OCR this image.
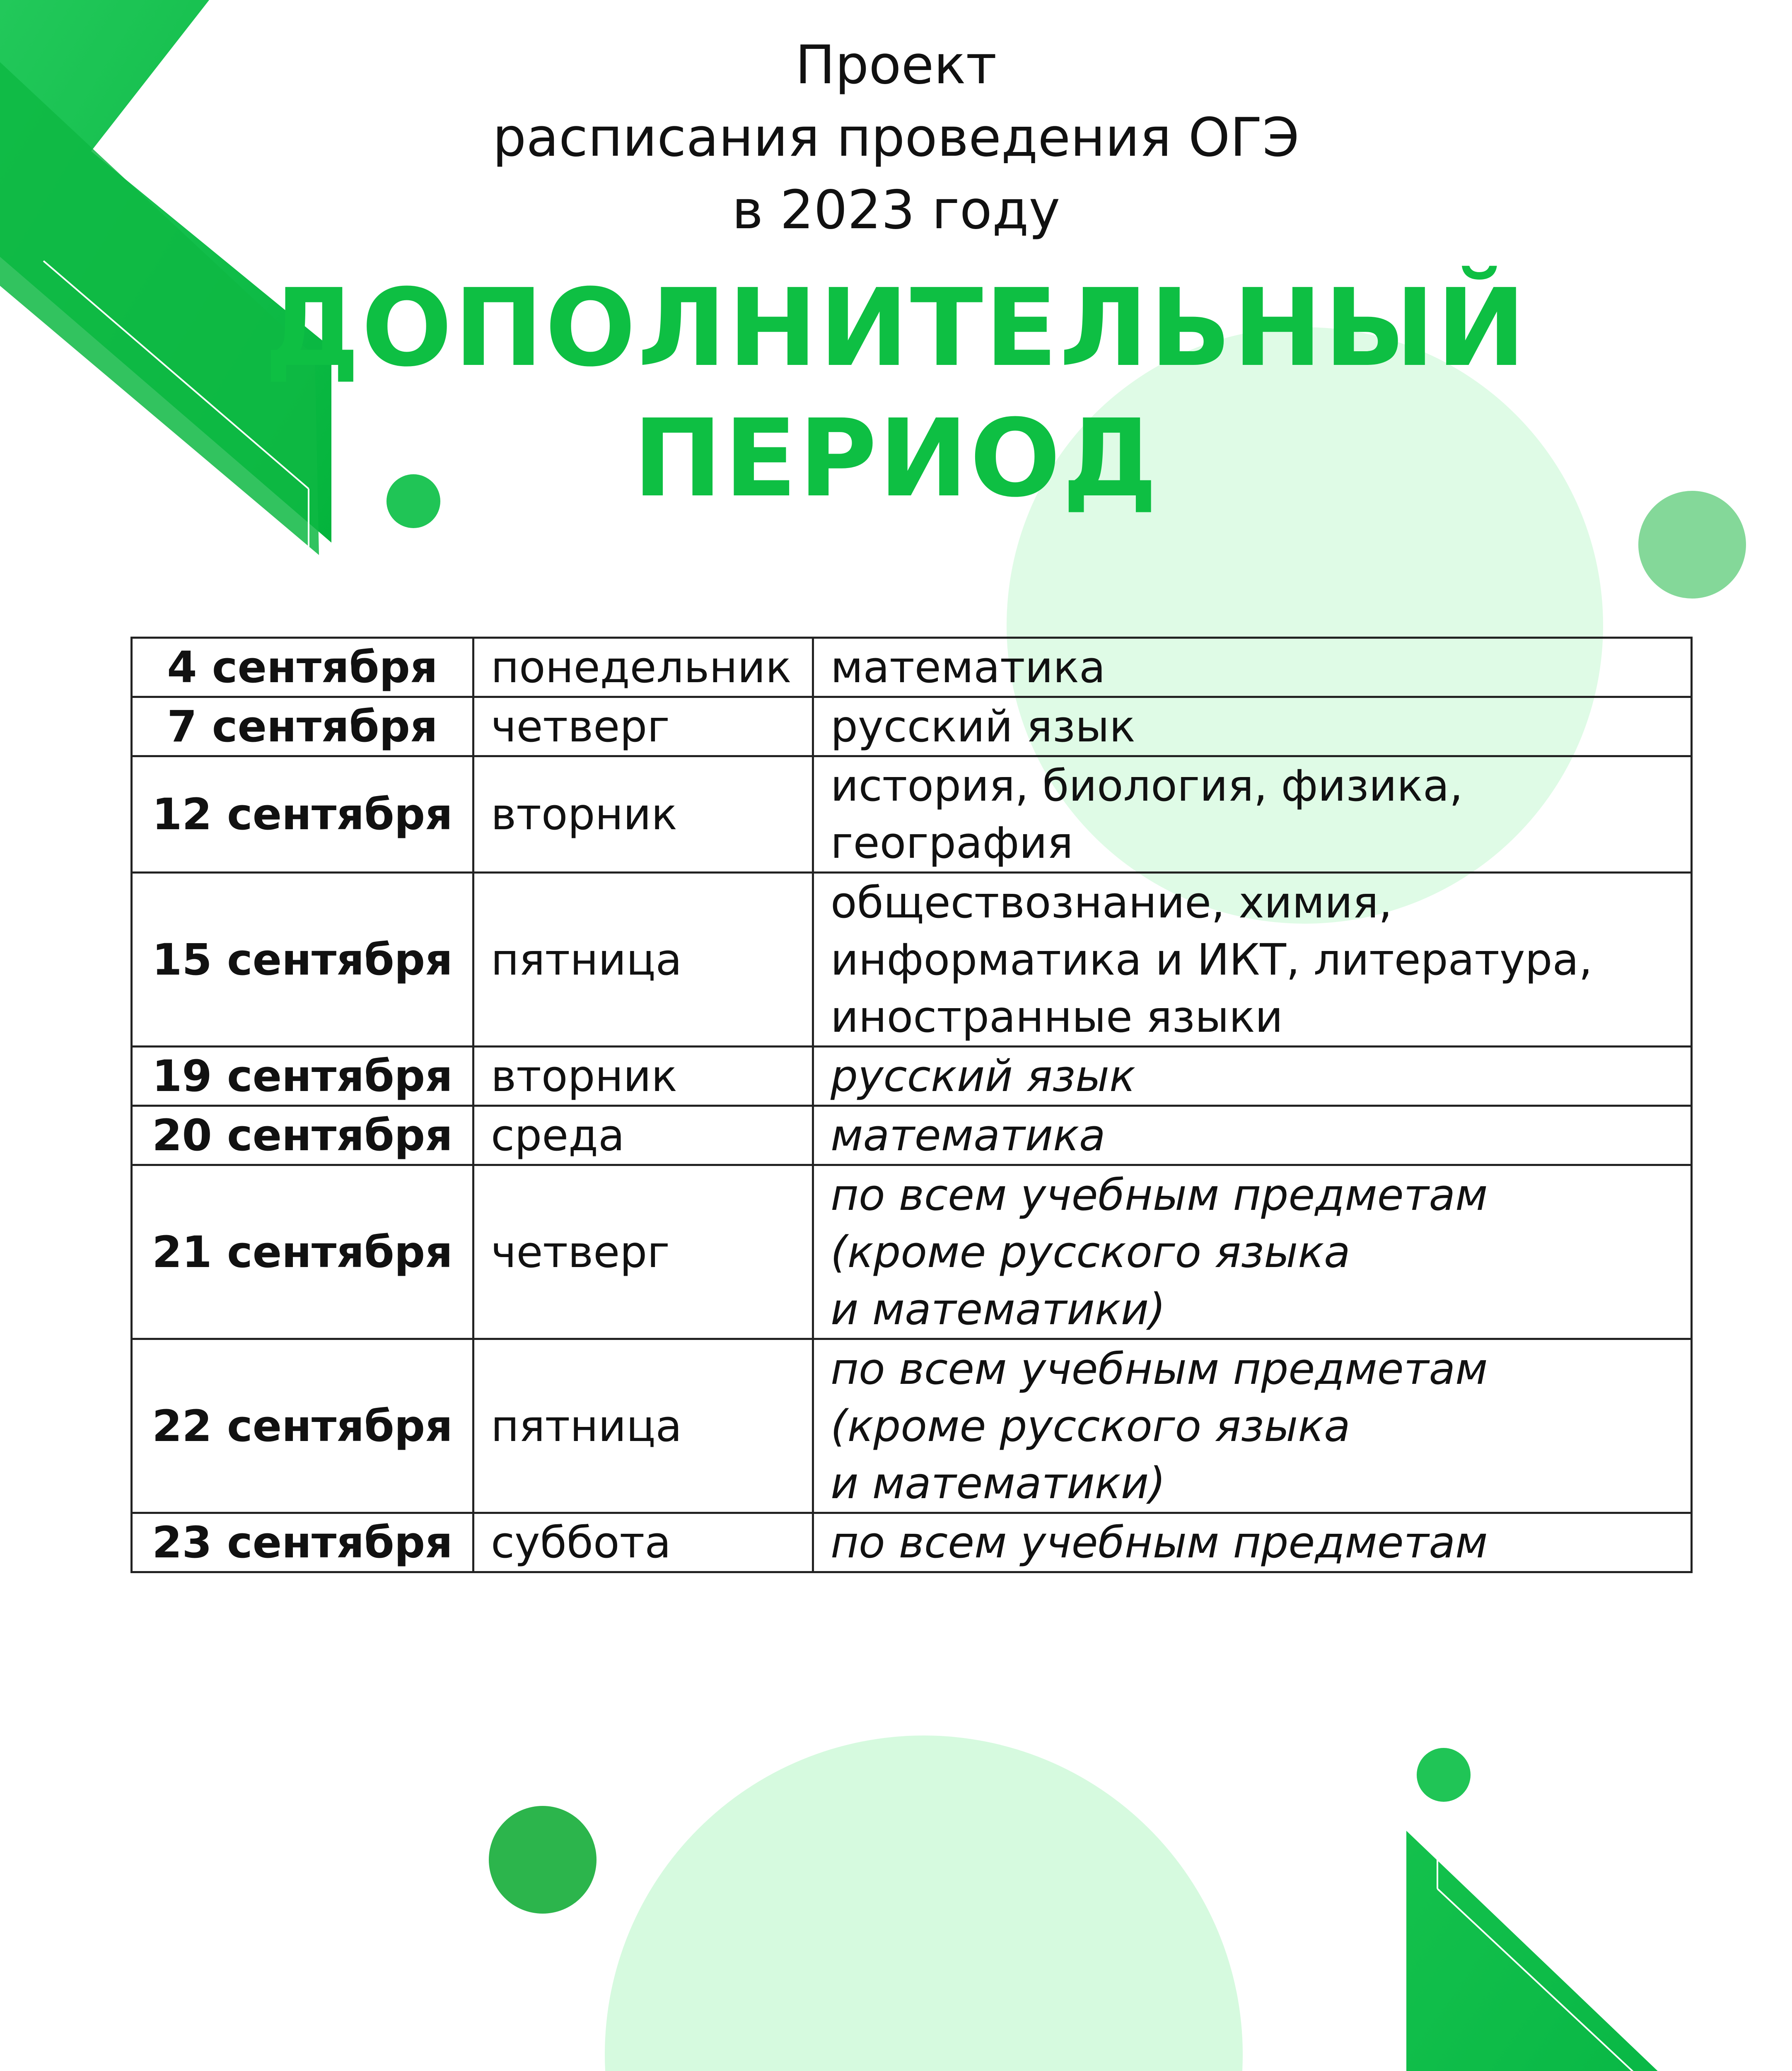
Проект
расписания проведения ОГЭ
в 2023 году
ДОПОЛНИТЕЛЬНЫЙ
ПЕРИОД
4 сентября	понедельник	математика

7 сентября	четверг	русский язык

12 сентября	вторник	история, биология, физика,
география

15 сентября	пятница	обществознание, химия,
информатика и ИКТ, литература,
иностранные языки

19 сентября	вторник	русский язык

20 сентября	среда	математика

21 сентября	четверг	по всем учебным предметам
(кроме русского языка
и математики)

22 сентября	пятница	по всем учебным предметам
(кроме русского языка
и математики)

23 сентября	суббота	по всем учебным предметам
